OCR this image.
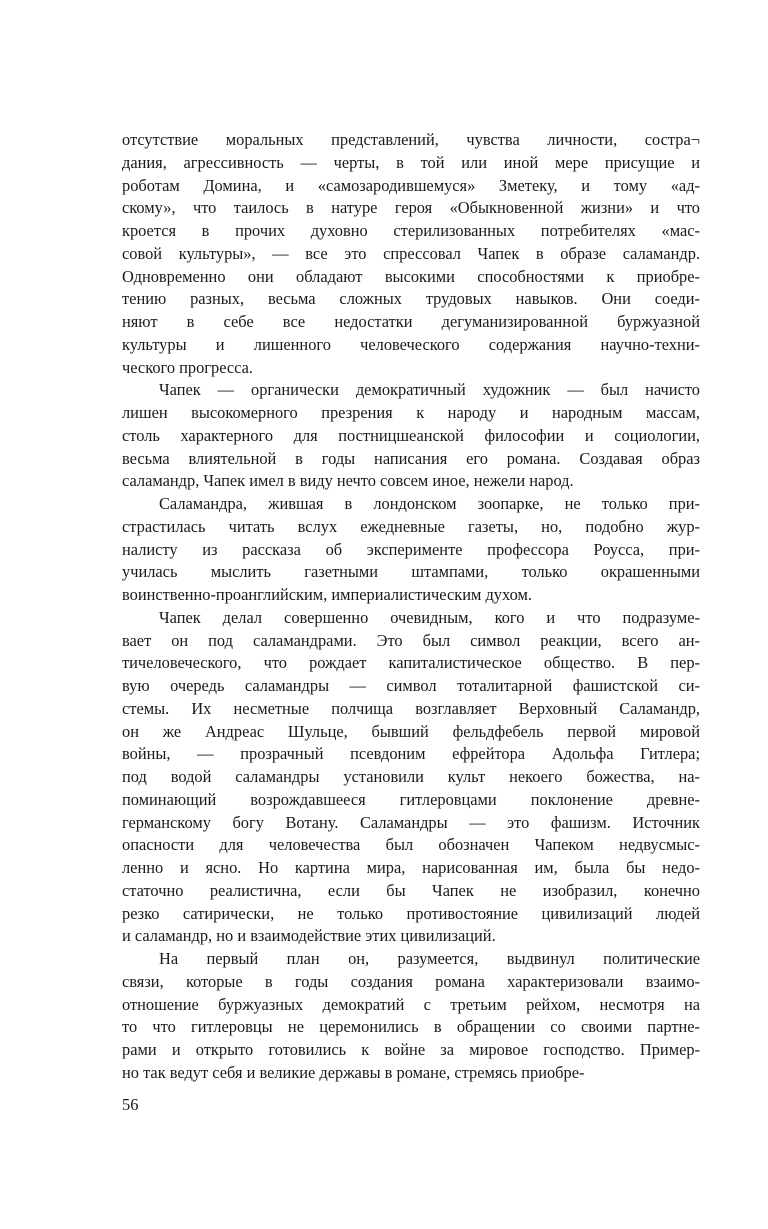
отсутствие моральных представлений, чувства личности, состра¬
дания, агрессивность — черты, в той или иной мере присущие и
роботам Домина, и «самозародившемуся» Зметеку, и тому «ад-
скому», что таилось в натуре героя «Обыкновенной жизни» и что
кроется в прочих духовно стерилизованных потребителях «мас-
совой культуры», — все это спрессовал Чапек в образе саламандр.
Одновременно они обладают высокими способностями к приобре-
тению разных, весьма сложных трудовых навыков. Они соеди-
няют в себе все недостатки дегуманизированной буржуазной
культуры и лишенного человеческого содержания научно-техни-
ческого прогресса.
Чапек — органически демократичный художник — был начисто
лишен высокомерного презрения к народу и народным массам,
столь характерного для постницшеанской философии и социологии,
весьма влиятельной в годы написания его романа. Создавая образ
саламандр, Чапек имел в виду нечто совсем иное, нежели народ.
Саламандра, жившая в лондонском зоопарке, не только при-
страстилась читать вслух ежедневные газеты, но, подобно жур-
налисту из рассказа об эксперименте профессора Роусса, при-
училась мыслить газетными штампами, только окрашенными
воинственно-проанглийским, империалистическим духом.
Чапек делал совершенно очевидным, кого и что подразуме-
вает он под саламандрами. Это был символ реакции, всего ан-
тичеловеческого, что рождает капиталистическое общество. В пер-
вую очередь саламандры — символ тоталитарной фашистской си-
стемы. Их несметные полчища возглавляет Верховный Саламандр,
он же Андреас Шульце, бывший фельдфебель первой мировой
войны, — прозрачный псевдоним ефрейтора Адольфа Гитлера;
под водой саламандры установили культ некоего божества, на-
поминающий возрождавшееся гитлеровцами поклонение древне-
германскому богу Вотану. Саламандры — это фашизм. Источник
опасности для человечества был обозначен Чапеком недвусмыс-
ленно и ясно. Но картина мира, нарисованная им, была бы недо-
статочно реалистична, если бы Чапек не изобразил, конечно
резко сатирически, не только противостояние цивилизаций людей
и саламандр, но и взаимодействие этих цивилизаций.
На первый план он, разумеется, выдвинул политические
связи, которые в годы создания романа характеризовали взаимо-
отношение буржуазных демократий с третьим рейхом, несмотря на
то что гитлеровцы не церемонились в обращении со своими партне-
рами и открыто готовились к войне за мировое господство. Пример-
но так ведут себя и великие державы в романе, стремясь приобре-
56
